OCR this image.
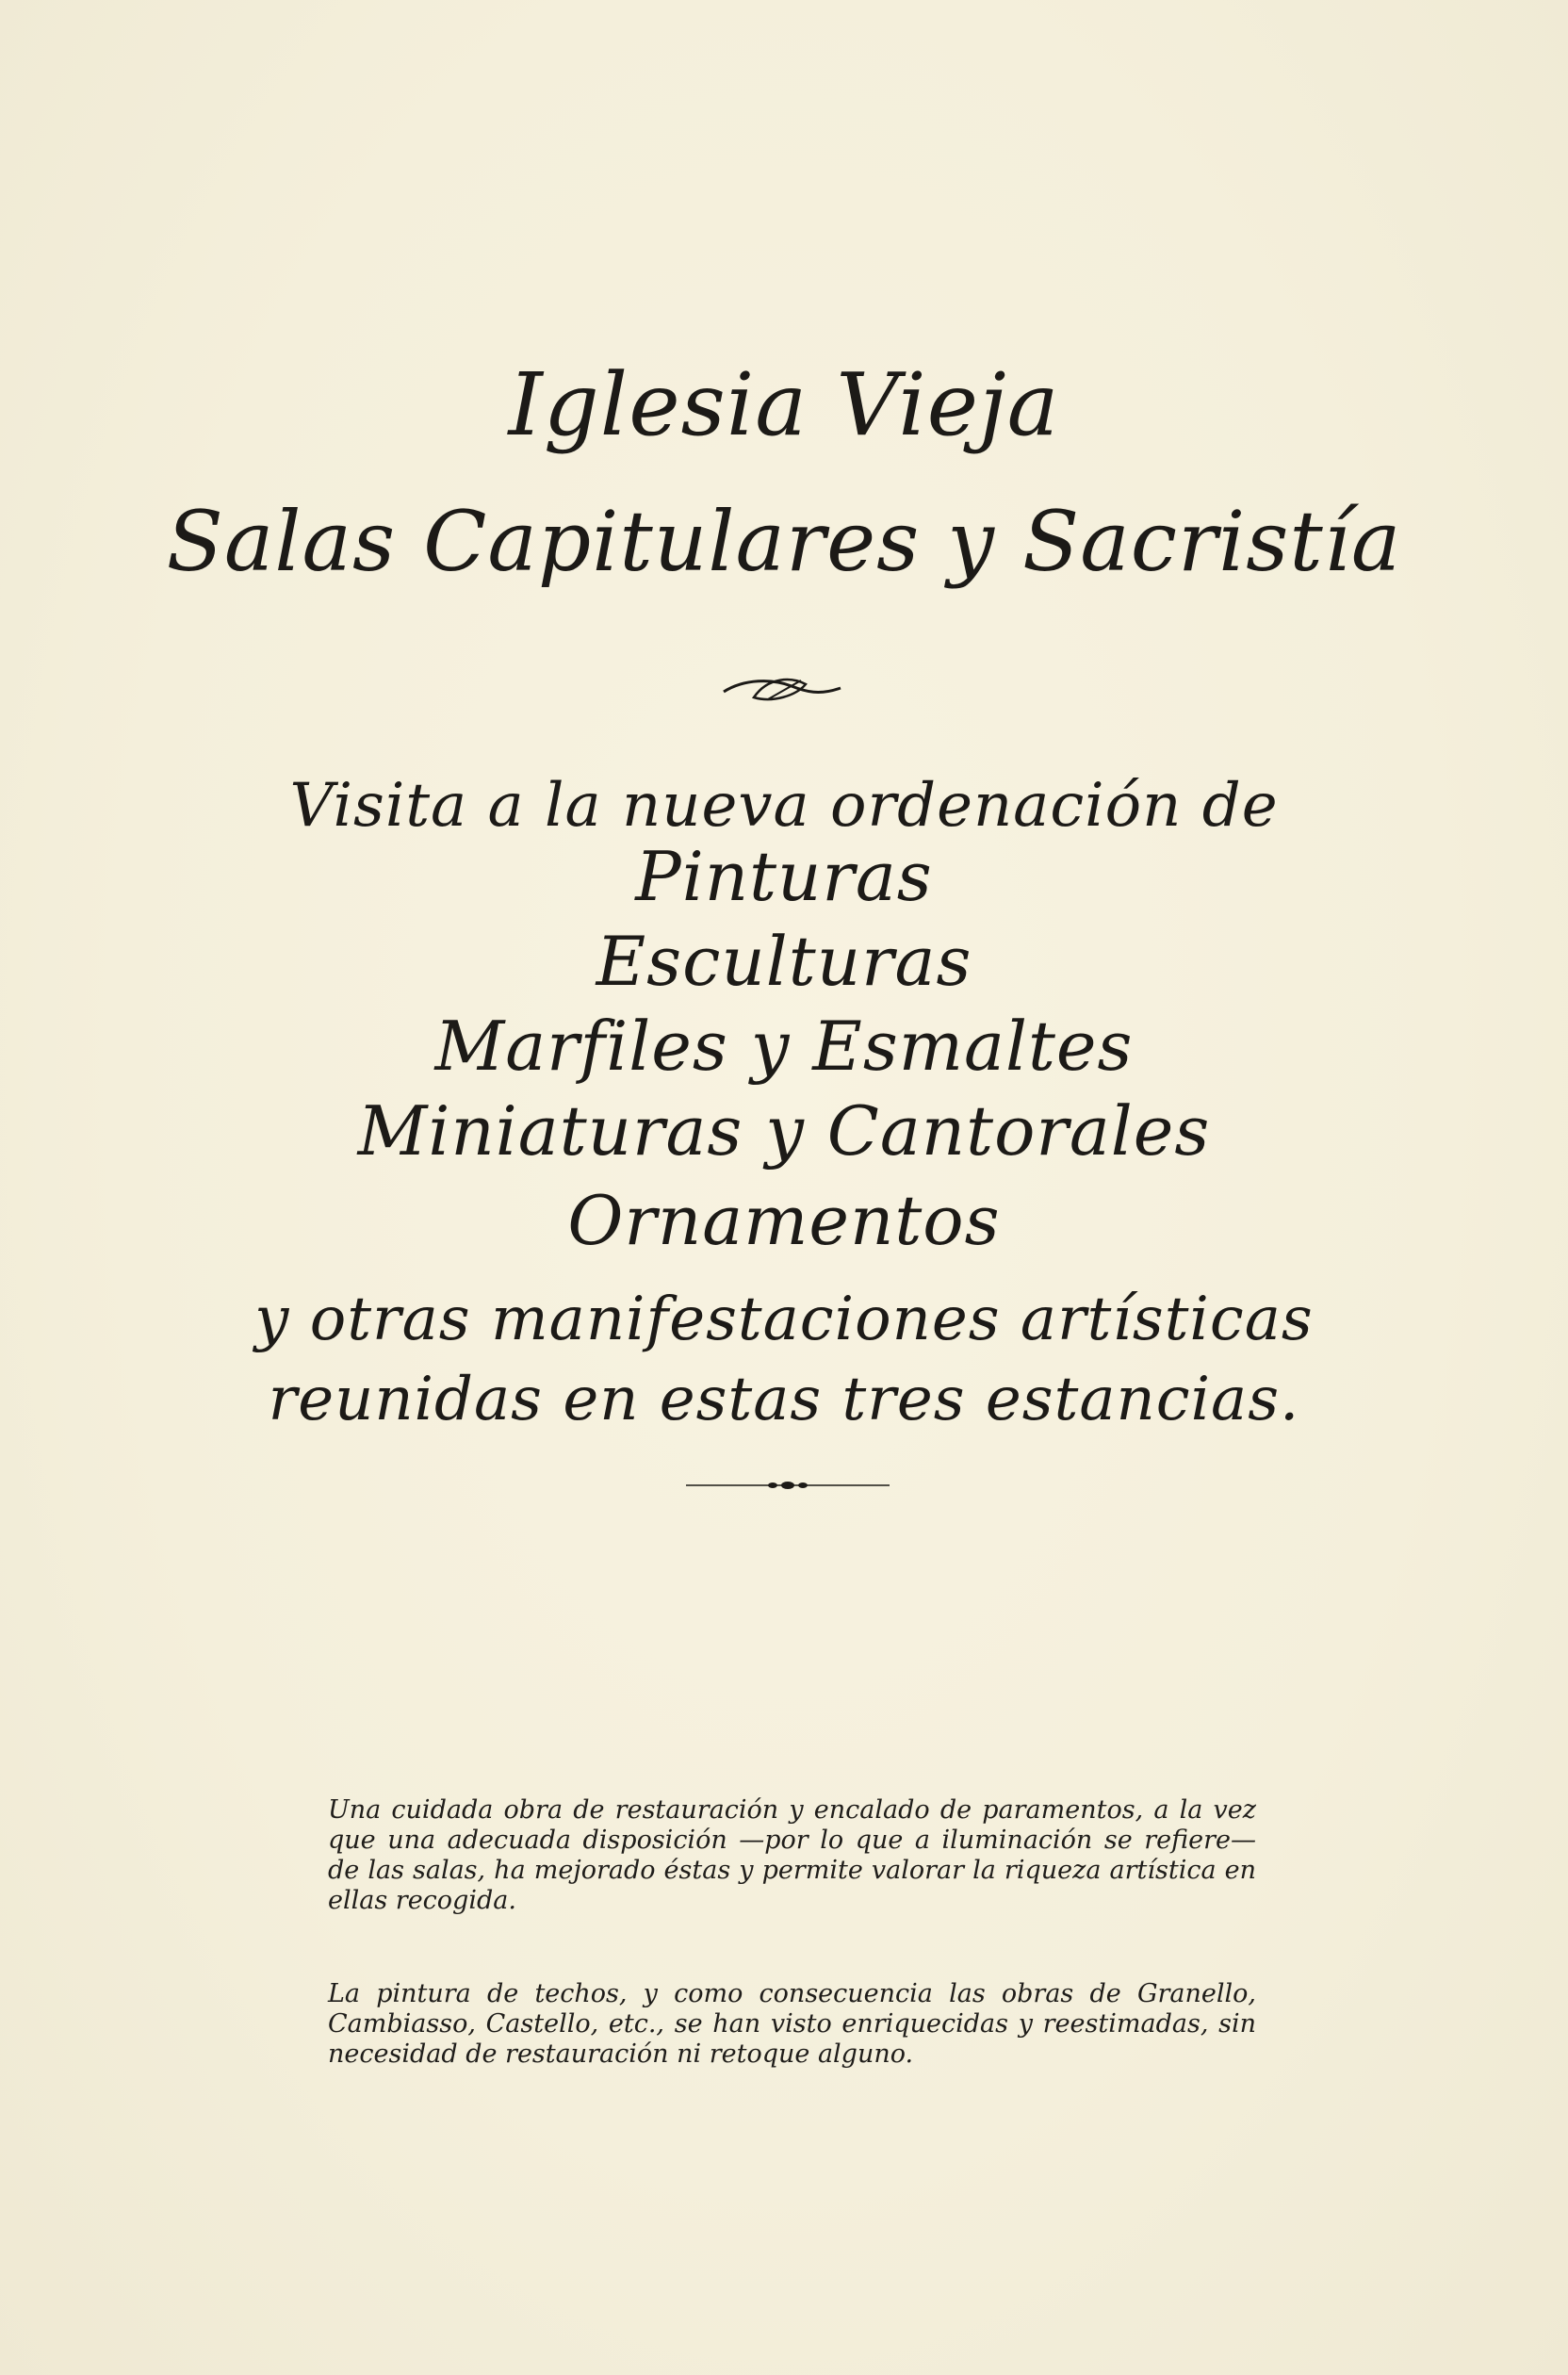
Iglesia Vieja
Salas Capitulares y Sacristía
Visita a la nueva ordenación de
Pinturas
Esculturas
Marfiles y Esmaltes
Miniaturas y Cantorales
Ornamentos
y otras manifestaciones artísticas
reunidas en estas tres estancias.

Una cuidada obra de restauración y encalado de paramentos, a la vez que una adecuada disposición —por lo que a iluminación se refiere— de las salas, ha mejorado éstas y permite valorar la riqueza artística en ellas recogida.

La pintura de techos, y como consecuencia las obras de Granello, Cambiasso, Castello, etc., se han visto enriquecidas y reestimadas, sin necesidad de restauración ni retoque alguno.
